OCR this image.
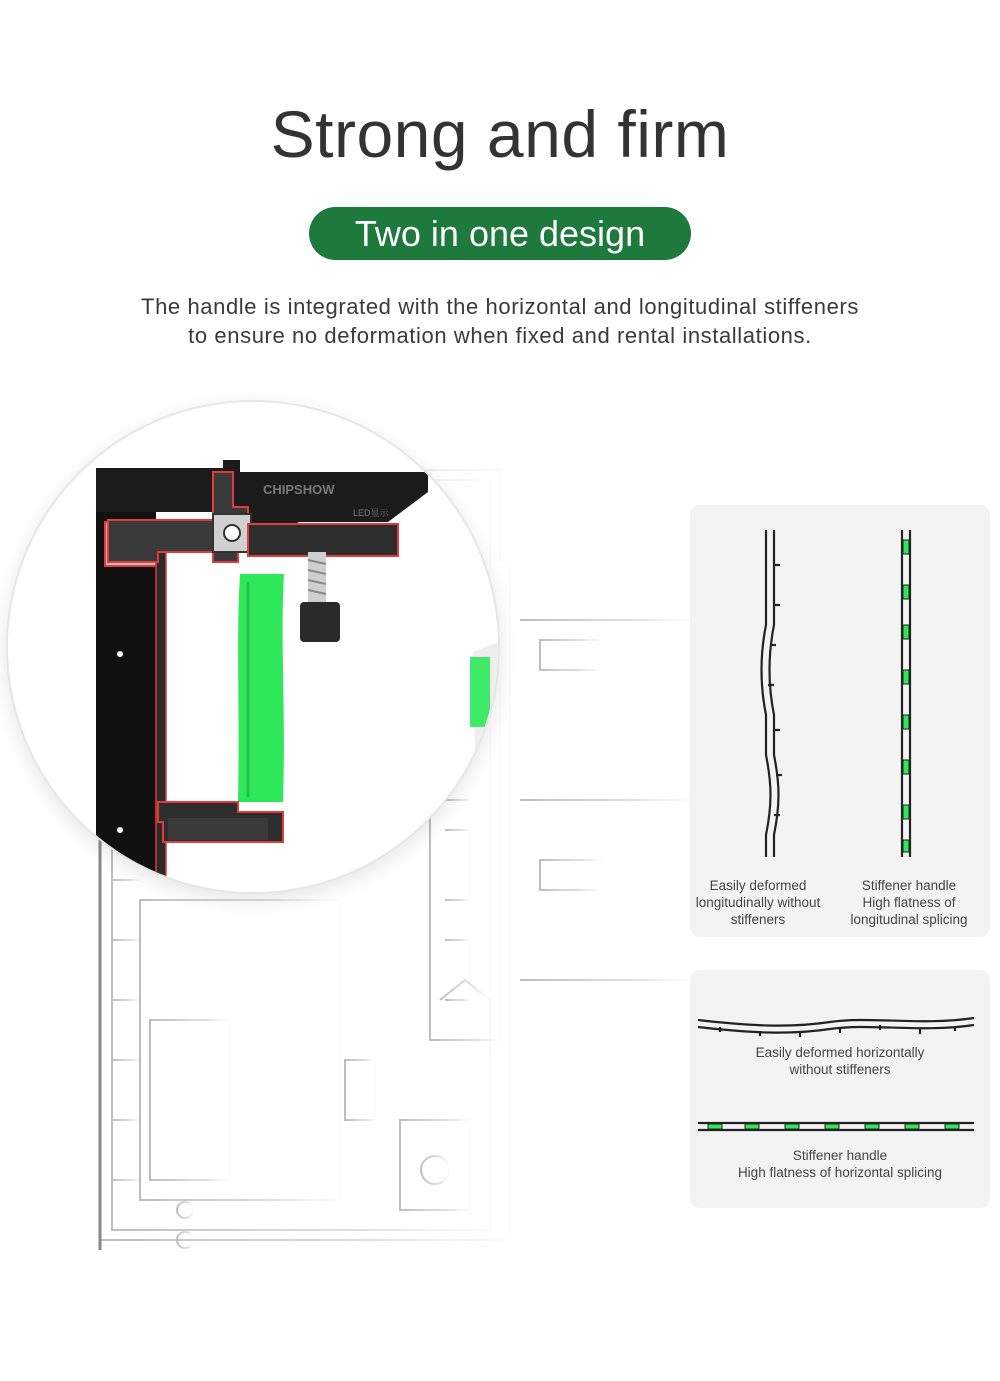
Strong and firm
Two in one design

The handle is integrated with the horizontal and longitudinal stiffeners

to ensure no deformation when fixed and rental installations.

CHIPSHOW
LED显示
Easily deformed
longitudinally without
stiffeners
Stiffener handle
High flatness of
longitudinal splicing
Easily deformed horizontally
without stiffeners
Stiffener handle
High flatness of horizontal splicing
